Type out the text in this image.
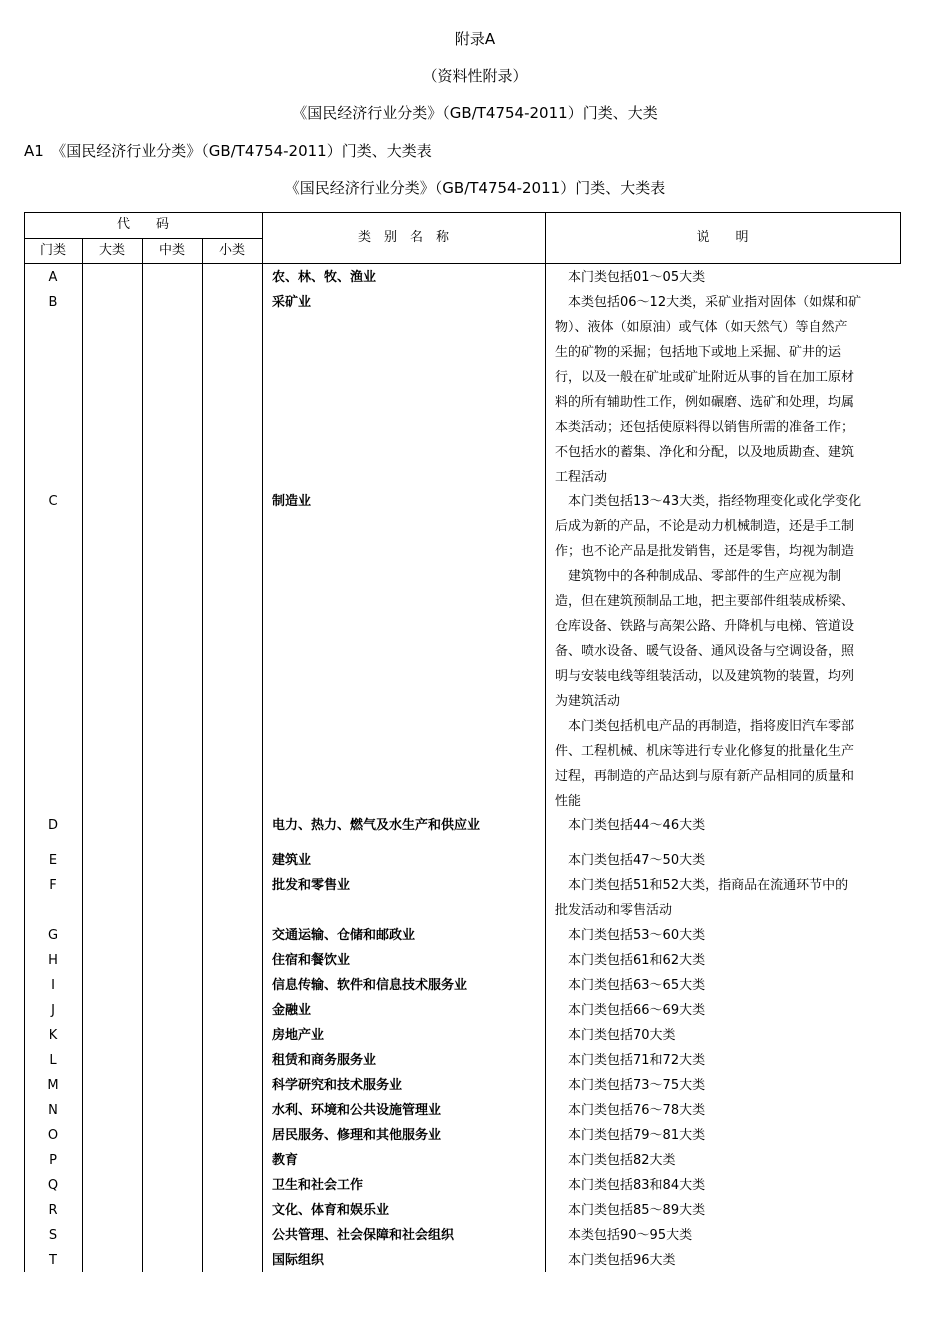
附录A
（资料性附录）
《国民经济行业分类》（GB/T4754-2011）门类、大类
A1　《国民经济行业分类》（GB/T4754-2011）门类、大类表
《国民经济行业分类》（GB/T4754-2011）门类、大类表
代　　码
门类	大类	中类	小类
类　别　名　称	说　　明
A	农、林、牧、渔业	本门类包括01～05大类
B	采矿业	本类包括06～12大类，采矿业指对固体（如煤和矿
物）、液体（如原油）或气体（如天然气）等自然产
生的矿物的采掘；包括地下或地上采掘、矿井的运
行，以及一般在矿址或矿址附近从事的旨在加工原材
料的所有辅助性工作，例如碾磨、选矿和处理，均属
本类活动；还包括使原料得以销售所需的准备工作；
不包括水的蓄集、净化和分配，以及地质勘查、建筑
工程活动
C	制造业	本门类包括13～43大类，指经物理变化或化学变化
后成为新的产品，不论是动力机械制造，还是手工制
作；也不论产品是批发销售，还是零售，均视为制造
建筑物中的各种制成品、零部件的生产应视为制
造，但在建筑预制品工地，把主要部件组装成桥梁、
仓库设备、铁路与高架公路、升降机与电梯、管道设
备、喷水设备、暖气设备、通风设备与空调设备，照
明与安装电线等组装活动，以及建筑物的装置，均列
为建筑活动
本门类包括机电产品的再制造，指将废旧汽车零部
件、工程机械、机床等进行专业化修复的批量化生产
过程，再制造的产品达到与原有新产品相同的质量和
性能
D	电力、热力、燃气及水生产和供应业	本门类包括44～46大类
E	建筑业	本门类包括47～50大类
F	批发和零售业	本门类包括51和52大类，指商品在流通环节中的
批发活动和零售活动
G	交通运输、仓储和邮政业	本门类包括53～60大类
H	住宿和餐饮业	本门类包括61和62大类
I	信息传输、软件和信息技术服务业	本门类包括63～65大类
J	金融业	本门类包括66～69大类
K	房地产业	本门类包括70大类
L	租赁和商务服务业	本门类包括71和72大类
M	科学研究和技术服务业	本门类包括73～75大类
N	水利、环境和公共设施管理业	本门类包括76～78大类
O	居民服务、修理和其他服务业	本门类包括79～81大类
P	教育	本门类包括82大类
Q	卫生和社会工作	本门类包括83和84大类
R	文化、体育和娱乐业	本门类包括85～89大类
S	公共管理、社会保障和社会组织	本类包括90～95大类
T	国际组织	本门类包括96大类
